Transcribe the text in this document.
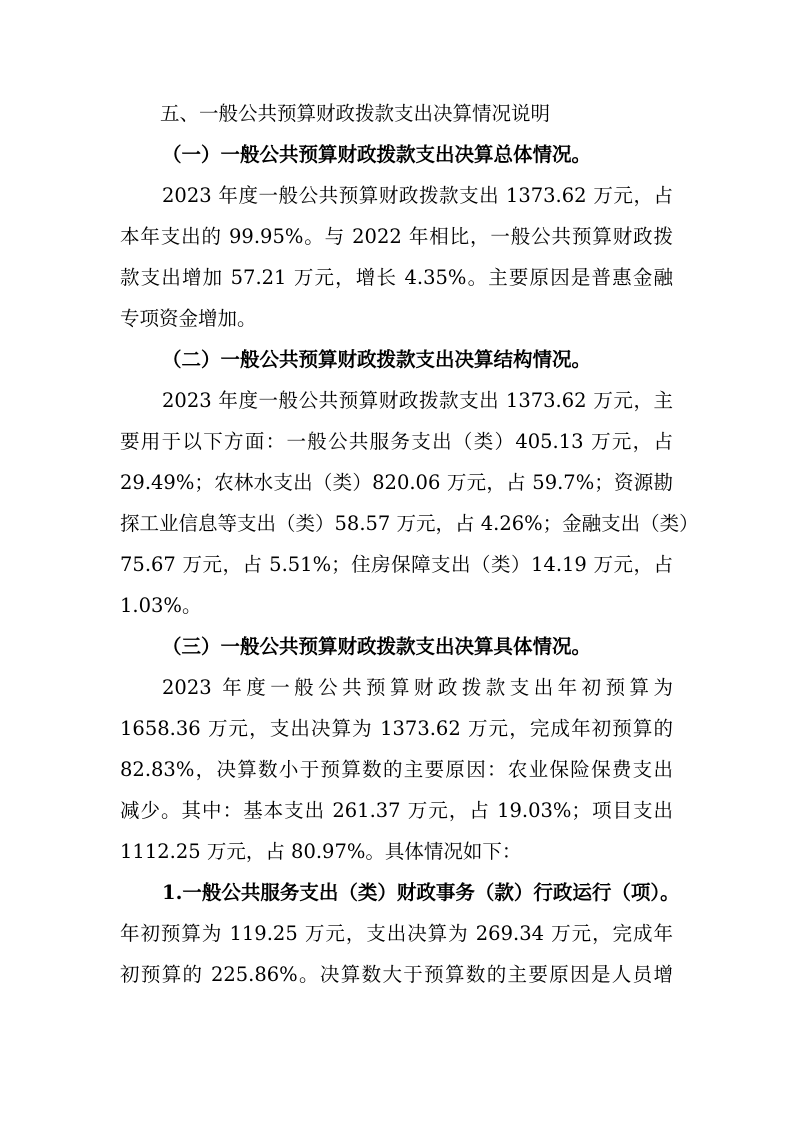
五、一般公共预算财政拨款支出决算情况说明
（一）一般公共预算财政拨款支出决算总体情况。
2023 年度一般公共预算财政拨款支出 1373.62 万元，占
本年支出的 99.95%。与 2022 年相比，一般公共预算财政拨
款支出增加 57.21 万元，增长 4.35%。主要原因是普惠金融
专项资金增加。
（二）一般公共预算财政拨款支出决算结构情况。
2023 年度一般公共预算财政拨款支出 1373.62 万元，主
要用于以下方面：一般公共服务支出（类）405.13 万元，占
29.49%；农林水支出（类）820.06 万元，占 59.7%；资源勘
探工业信息等支出（类）58.57 万元，占 4.26%；金融支出（类）
75.67 万元，占 5.51%；住房保障支出（类）14.19 万元，占
1.03%。
（三）一般公共预算财政拨款支出决算具体情况。
2023 年度一般公共预算财政拨款支出年初预算为
1658.36 万元，支出决算为 1373.62 万元，完成年初预算的
82.83%，决算数小于预算数的主要原因：农业保险保费支出
减少。其中：基本支出 261.37 万元，占 19.03%；项目支出
1112.25 万元，占 80.97%。具体情况如下：
1.一般公共服务支出（类）财政事务（款）行政运行（项）。
年初预算为 119.25 万元，支出决算为 269.34 万元，完成年
初预算的 225.86%。决算数大于预算数的主要原因是人员增
